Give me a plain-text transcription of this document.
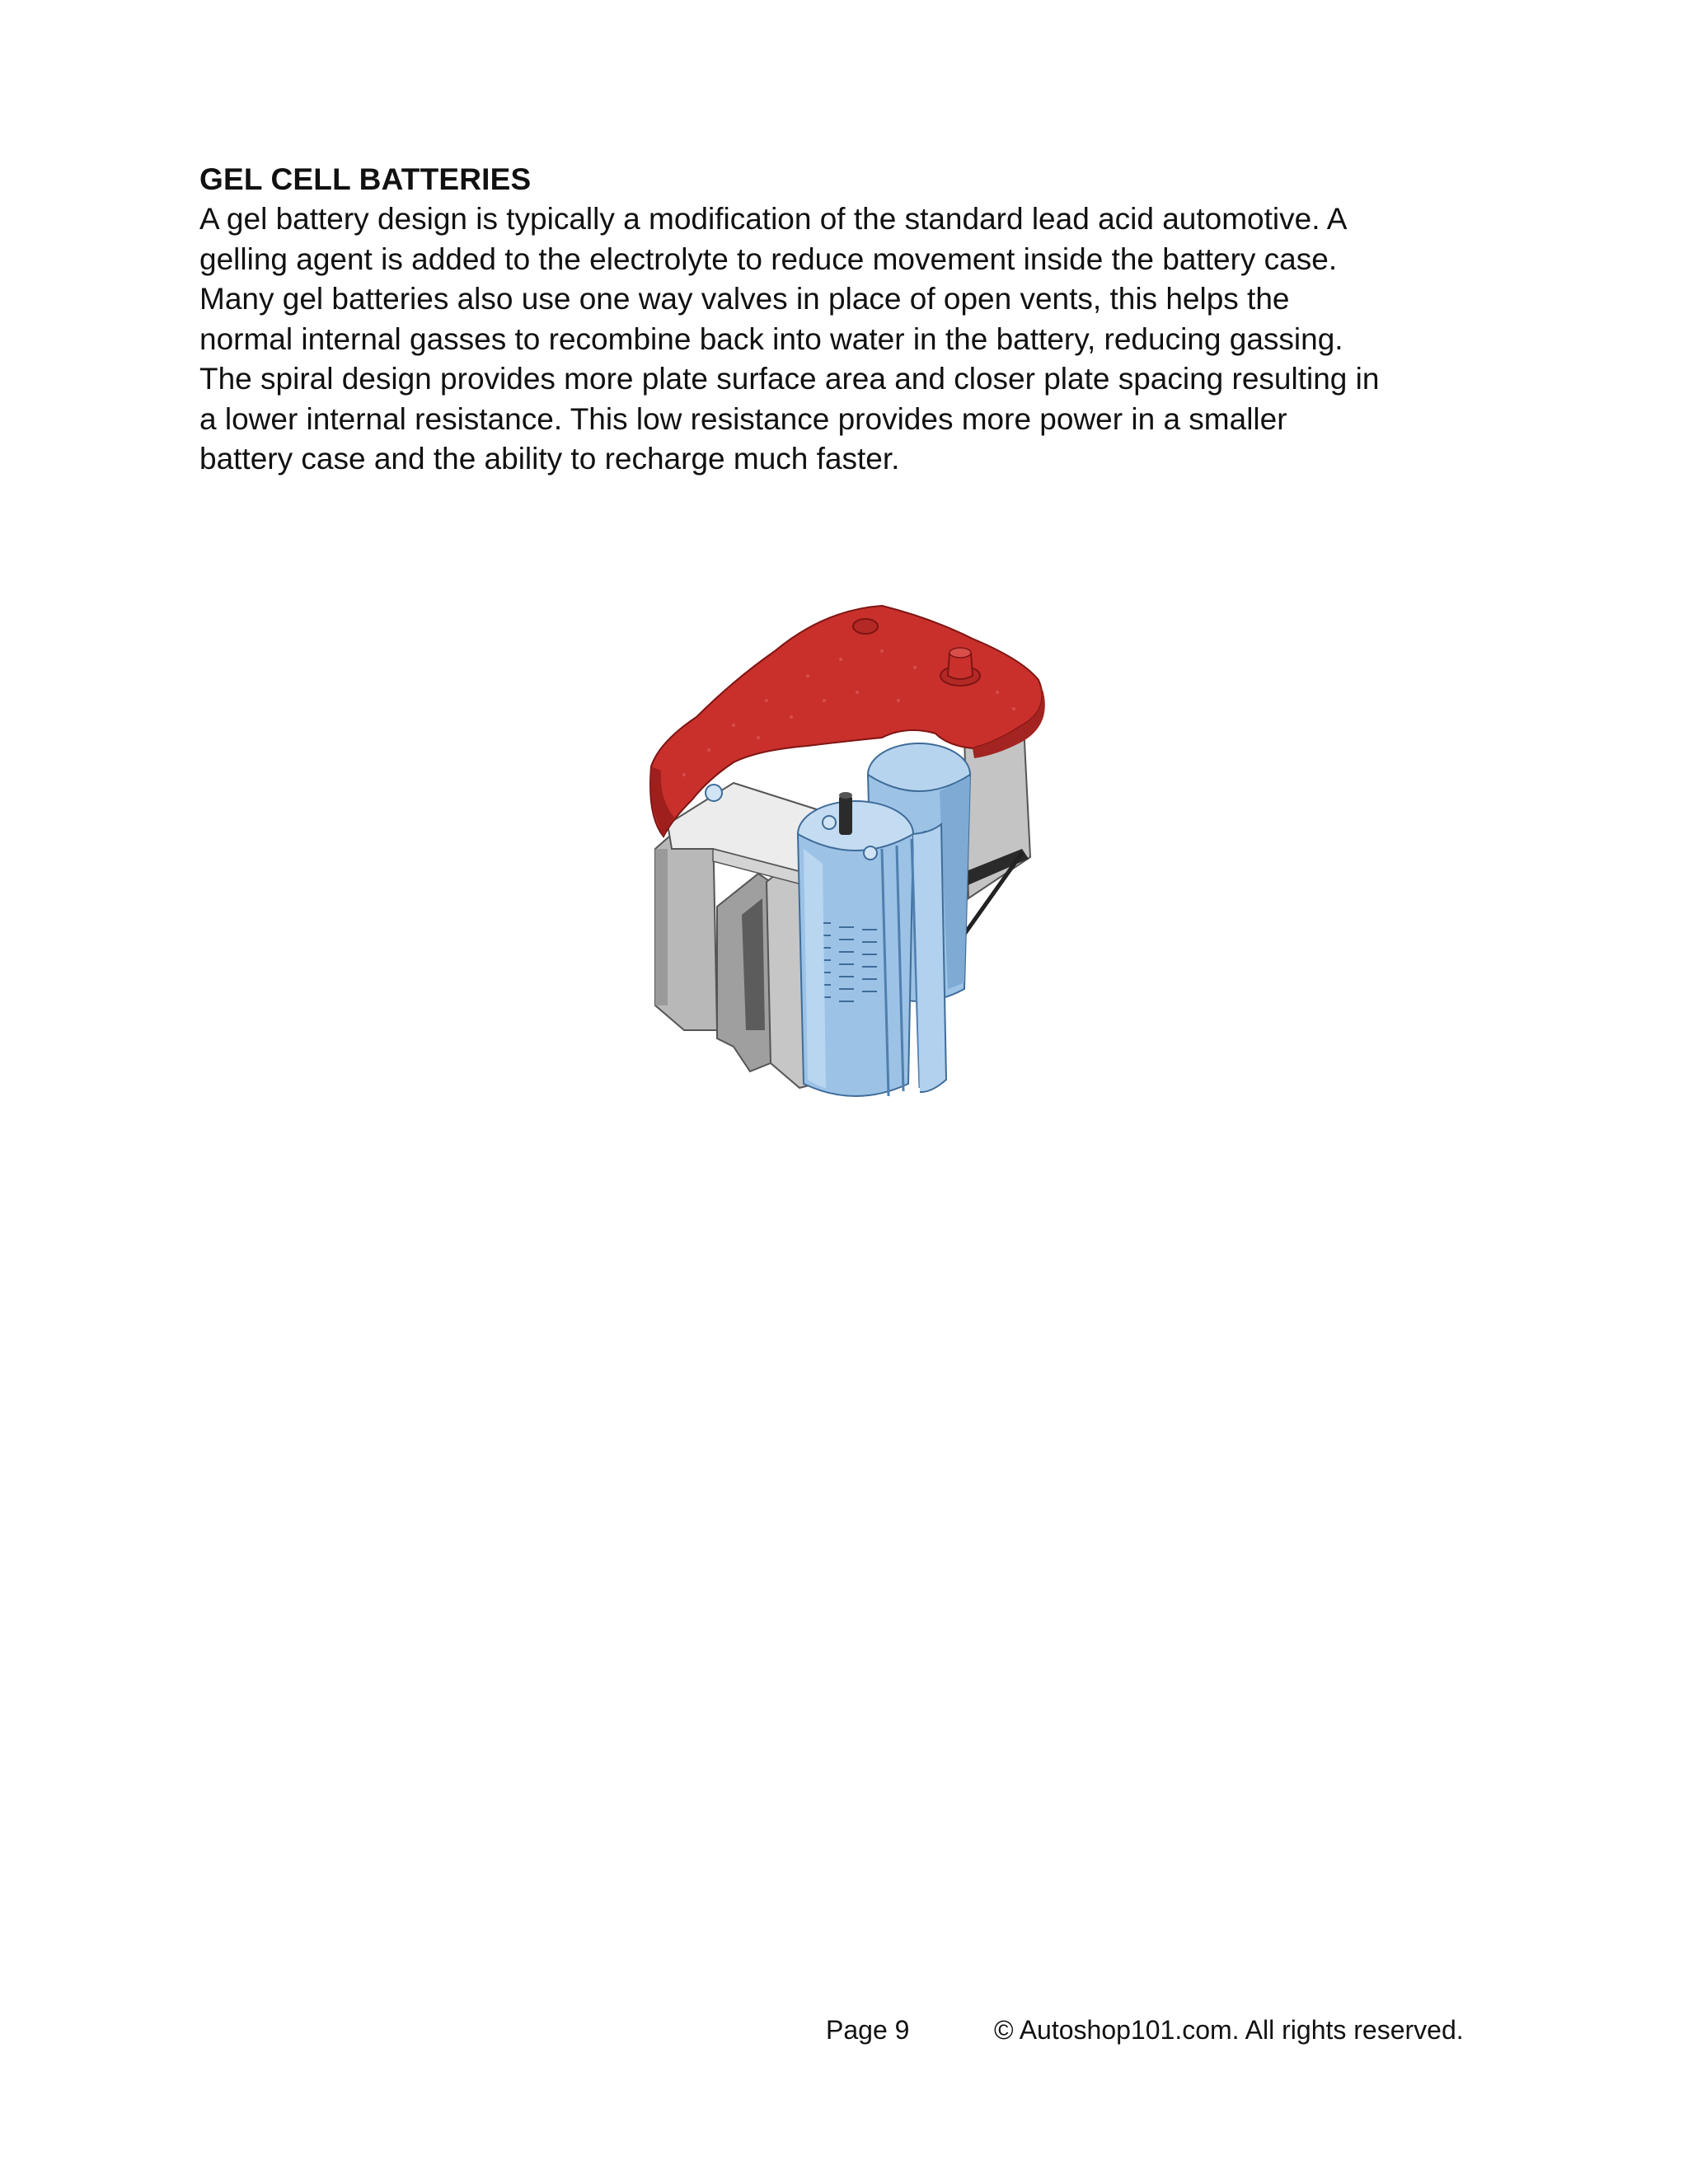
GEL CELL BATTERIES
A gel battery design is typically a modification of the standard lead acid automotive. A
gelling agent is added to the electrolyte to reduce movement inside the battery case.
Many gel batteries also use one way valves in place of open vents, this helps the
normal internal gasses to recombine back into water in the battery, reducing gassing.
The spiral design provides more plate surface area and closer plate spacing resulting in
a lower internal resistance. This low resistance provides more power in a smaller
battery case and the ability to recharge much faster.
Page 9	© Autoshop101.com. All rights reserved.
